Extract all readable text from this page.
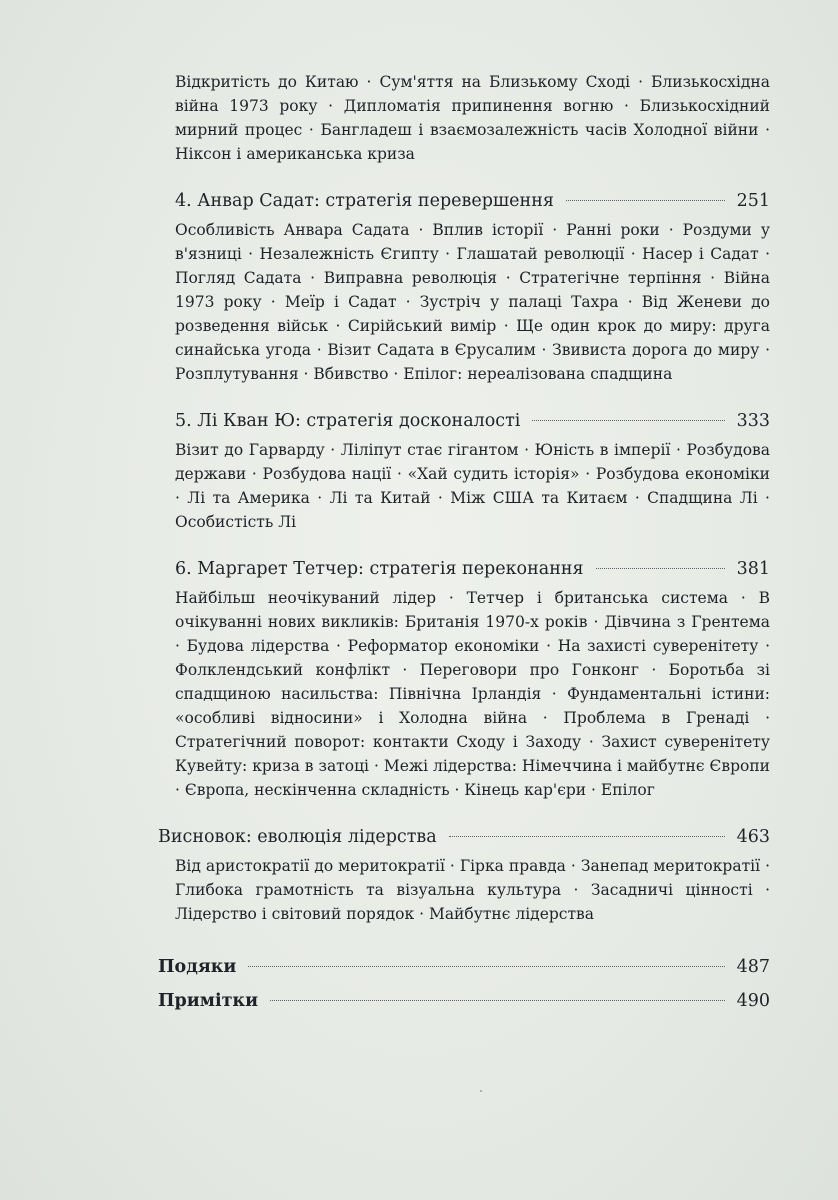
Відкритість до Китаю · Сум'яття на Близькому Сході · Близькосхідна війна 1973 року · Дипломатія припинення вогню · Близькосхідний мирний процес · Бангладеш і взаємозалежність часів Холодної війни · Ніксон і американська криза
4. Анвар Садат: стратегія перевершення	251
Особливість Анвара Садата · Вплив історії · Ранні роки · Роздуми у в'язниці · Незалежність Єгипту · Глашатай революції · Насер і Садат · Погляд Садата · Виправна революція · Стратегічне терпіння · Війна 1973 року · Меїр і Садат · Зустріч у палаці Тахра · Від Женеви до розведення військ · Сирійський вимір · Ще один крок до миру: друга синайська угода · Візит Садата в Єрусалим · Звивиста дорога до миру · Розплутування · Вбивство · Епілог: нереалізована спадщина
5. Лі Кван Ю: стратегія досконалості	333
Візит до Гарварду · Ліліпут стає гігантом · Юність в імперії · Розбудова держави · Розбудова нації · «Хай судить історія» · Розбудова економіки · Лі та Америка · Лі та Китай · Між США та Китаєм · Спадщина Лі · Особистість Лі
6. Маргарет Тетчер: стратегія переконання	381
Найбільш неочікуваний лідер · Тетчер і британська система · В очікуванні нових викликів: Британія 1970-х років · Дівчина з Грентема · Будова лідерства · Реформатор економіки · На захисті суверенітету · Фолклендський конфлікт · Переговори про Гонконг · Боротьба зі спадщиною насильства: Північна Ірландія · Фундаментальні істини: «особливі відносини» і Холодна війна · Проблема в Гренаді · Стратегічний поворот: контакти Сходу і Заходу · Захист суверенітету Кувейту: криза в затоці · Межі лідерства: Німеччина і майбутнє Європи · Європа, нескінченна складність · Кінець кар'єри · Епілог
Висновок: еволюція лідерства	463
Від аристократії до меритократії · Гірка правда · Занепад меритократії · Глибока грамотність та візуальна культура · Засадничі цінності · Лідерство і світовий порядок · Майбутнє лідерства
Подяки	487
Примітки	490
